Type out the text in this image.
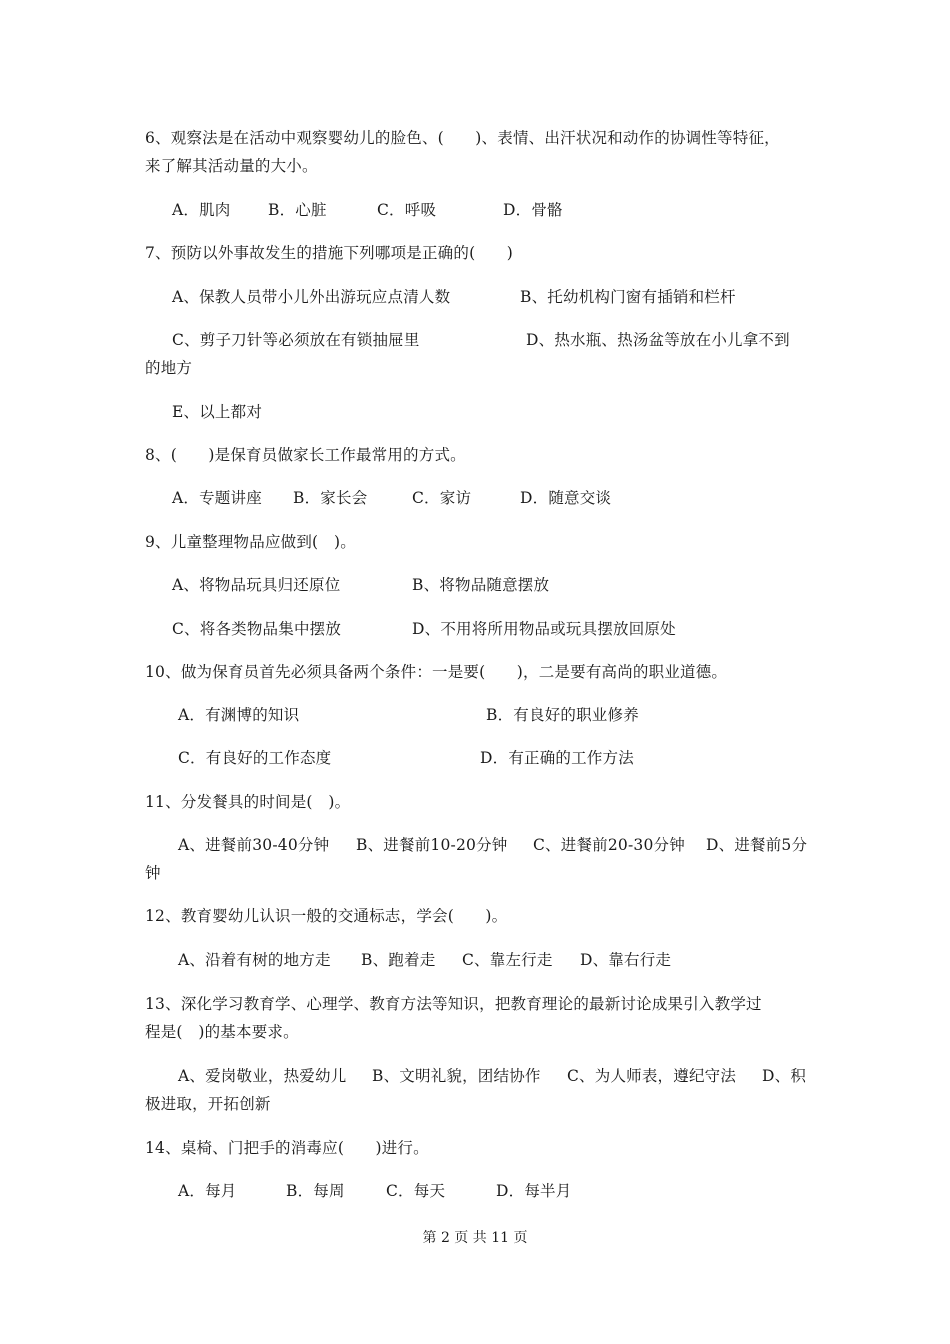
6、观察法是在活动中观察婴幼儿的脸色、(　　)、表情、出汗状况和动作的协调性等特征，
来了解其活动量的大小。
A．肌肉 B．心脏	C．呼吸	D．骨骼
7、预防以外事故发生的措施下列哪项是正确的(　　)
A、保教人员带小儿外出游玩应点清人数	B、托幼机构门窗有插销和栏杆
C、剪子刀针等必须放在有锁抽屉里	D、热水瓶、热汤盆等放在小儿拿不到
的地方
E、以上都对
8、(　　)是保育员做家长工作最常用的方式。
A．专题讲座 B．家长会	C．家访	D．随意交谈
9、儿童整理物品应做到(　)。
A、将物品玩具归还原位	B、将物品随意摆放
C、将各类物品集中摆放	D、不用将所用物品或玩具摆放回原处
10、做为保育员首先必须具备两个条件：一是要(　　)，二是要有高尚的职业道德。
A．有渊博的知识	B．有良好的职业修养
C．有良好的工作态度	D．有正确的工作方法
11、分发餐具的时间是(　)。
A、进餐前30-40分钟 B、进餐前10-20分钟 C、进餐前20-30分钟 D、进餐前5分
钟
12、教育婴幼儿认识一般的交通标志，学会(　　)。
A、沿着有树的地方走 B、跑着走 C、靠左行走 D、靠右行走
13、深化学习教育学、心理学、教育方法等知识，把教育理论的最新讨论成果引入教学过
程是(　)的基本要求。
A、爱岗敬业，热爱幼儿 B、文明礼貌，团结协作 C、为人师表，遵纪守法 D、积
极进取，开拓创新
14、桌椅、门把手的消毒应(　　)进行。
A．每月	B．每周	C．每天	D．每半月
第 2 页 共 11 页
